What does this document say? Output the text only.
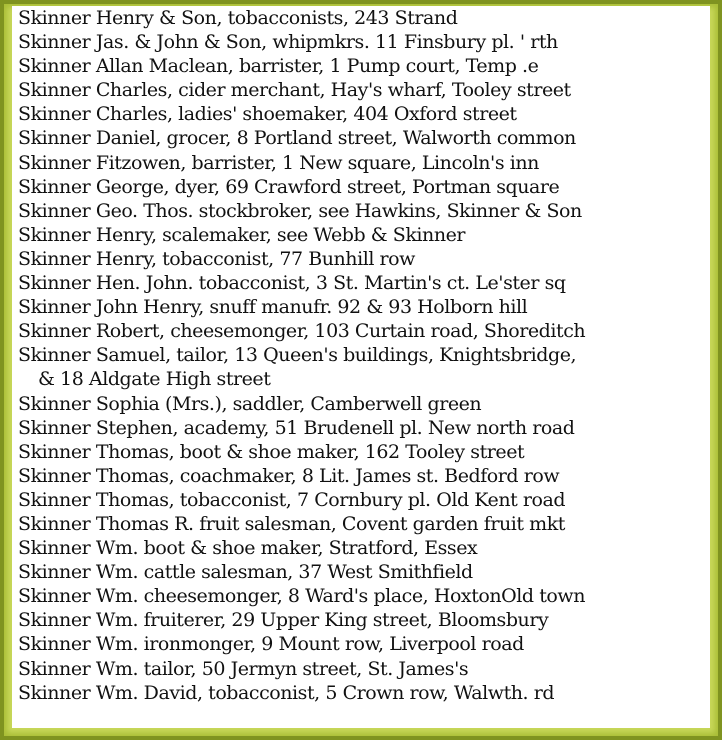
Skinner Henry & Son, tobacconists, 243 Strand
Skinner Jas. & John & Son, whipmkrs. 11 Finsbury pl. ' rth
Skinner Allan Maclean, barrister, 1 Pump court, Temp .e
Skinner Charles, cider merchant, Hay's wharf, Tooley street
Skinner Charles, ladies' shoemaker, 404 Oxford street
Skinner Daniel, grocer, 8 Portland street, Walworth common
Skinner Fitzowen, barrister, 1 New square, Lincoln's inn
Skinner George, dyer, 69 Crawford street, Portman square
Skinner Geo. Thos. stockbroker, see Hawkins, Skinner & Son
Skinner Henry, scalemaker, see Webb & Skinner
Skinner Henry, tobacconist, 77 Bunhill row
Skinner Hen. John. tobacconist, 3 St. Martin's ct. Le'ster sq
Skinner John Henry, snuff manufr. 92 & 93 Holborn hill
Skinner Robert, cheesemonger, 103 Curtain road, Shoreditch
Skinner Samuel, tailor, 13 Queen's buildings, Knightsbridge,
& 18 Aldgate High street
Skinner Sophia (Mrs.), saddler, Camberwell green
Skinner Stephen, academy, 51 Brudenell pl. New north road
Skinner Thomas, boot & shoe maker, 162 Tooley street
Skinner Thomas, coachmaker, 8 Lit. James st. Bedford row
Skinner Thomas, tobacconist, 7 Cornbury pl. Old Kent road
Skinner Thomas R. fruit salesman, Covent garden fruit mkt
Skinner Wm. boot & shoe maker, Stratford, Essex
Skinner Wm. cattle salesman, 37 West Smithfield
Skinner Wm. cheesemonger, 8 Ward's place, HoxtonOld town
Skinner Wm. fruiterer, 29 Upper King street, Bloomsbury
Skinner Wm. ironmonger, 9 Mount row, Liverpool road
Skinner Wm. tailor, 50 Jermyn street, St. James's
Skinner Wm. David, tobacconist, 5 Crown row, Walwth. rd
